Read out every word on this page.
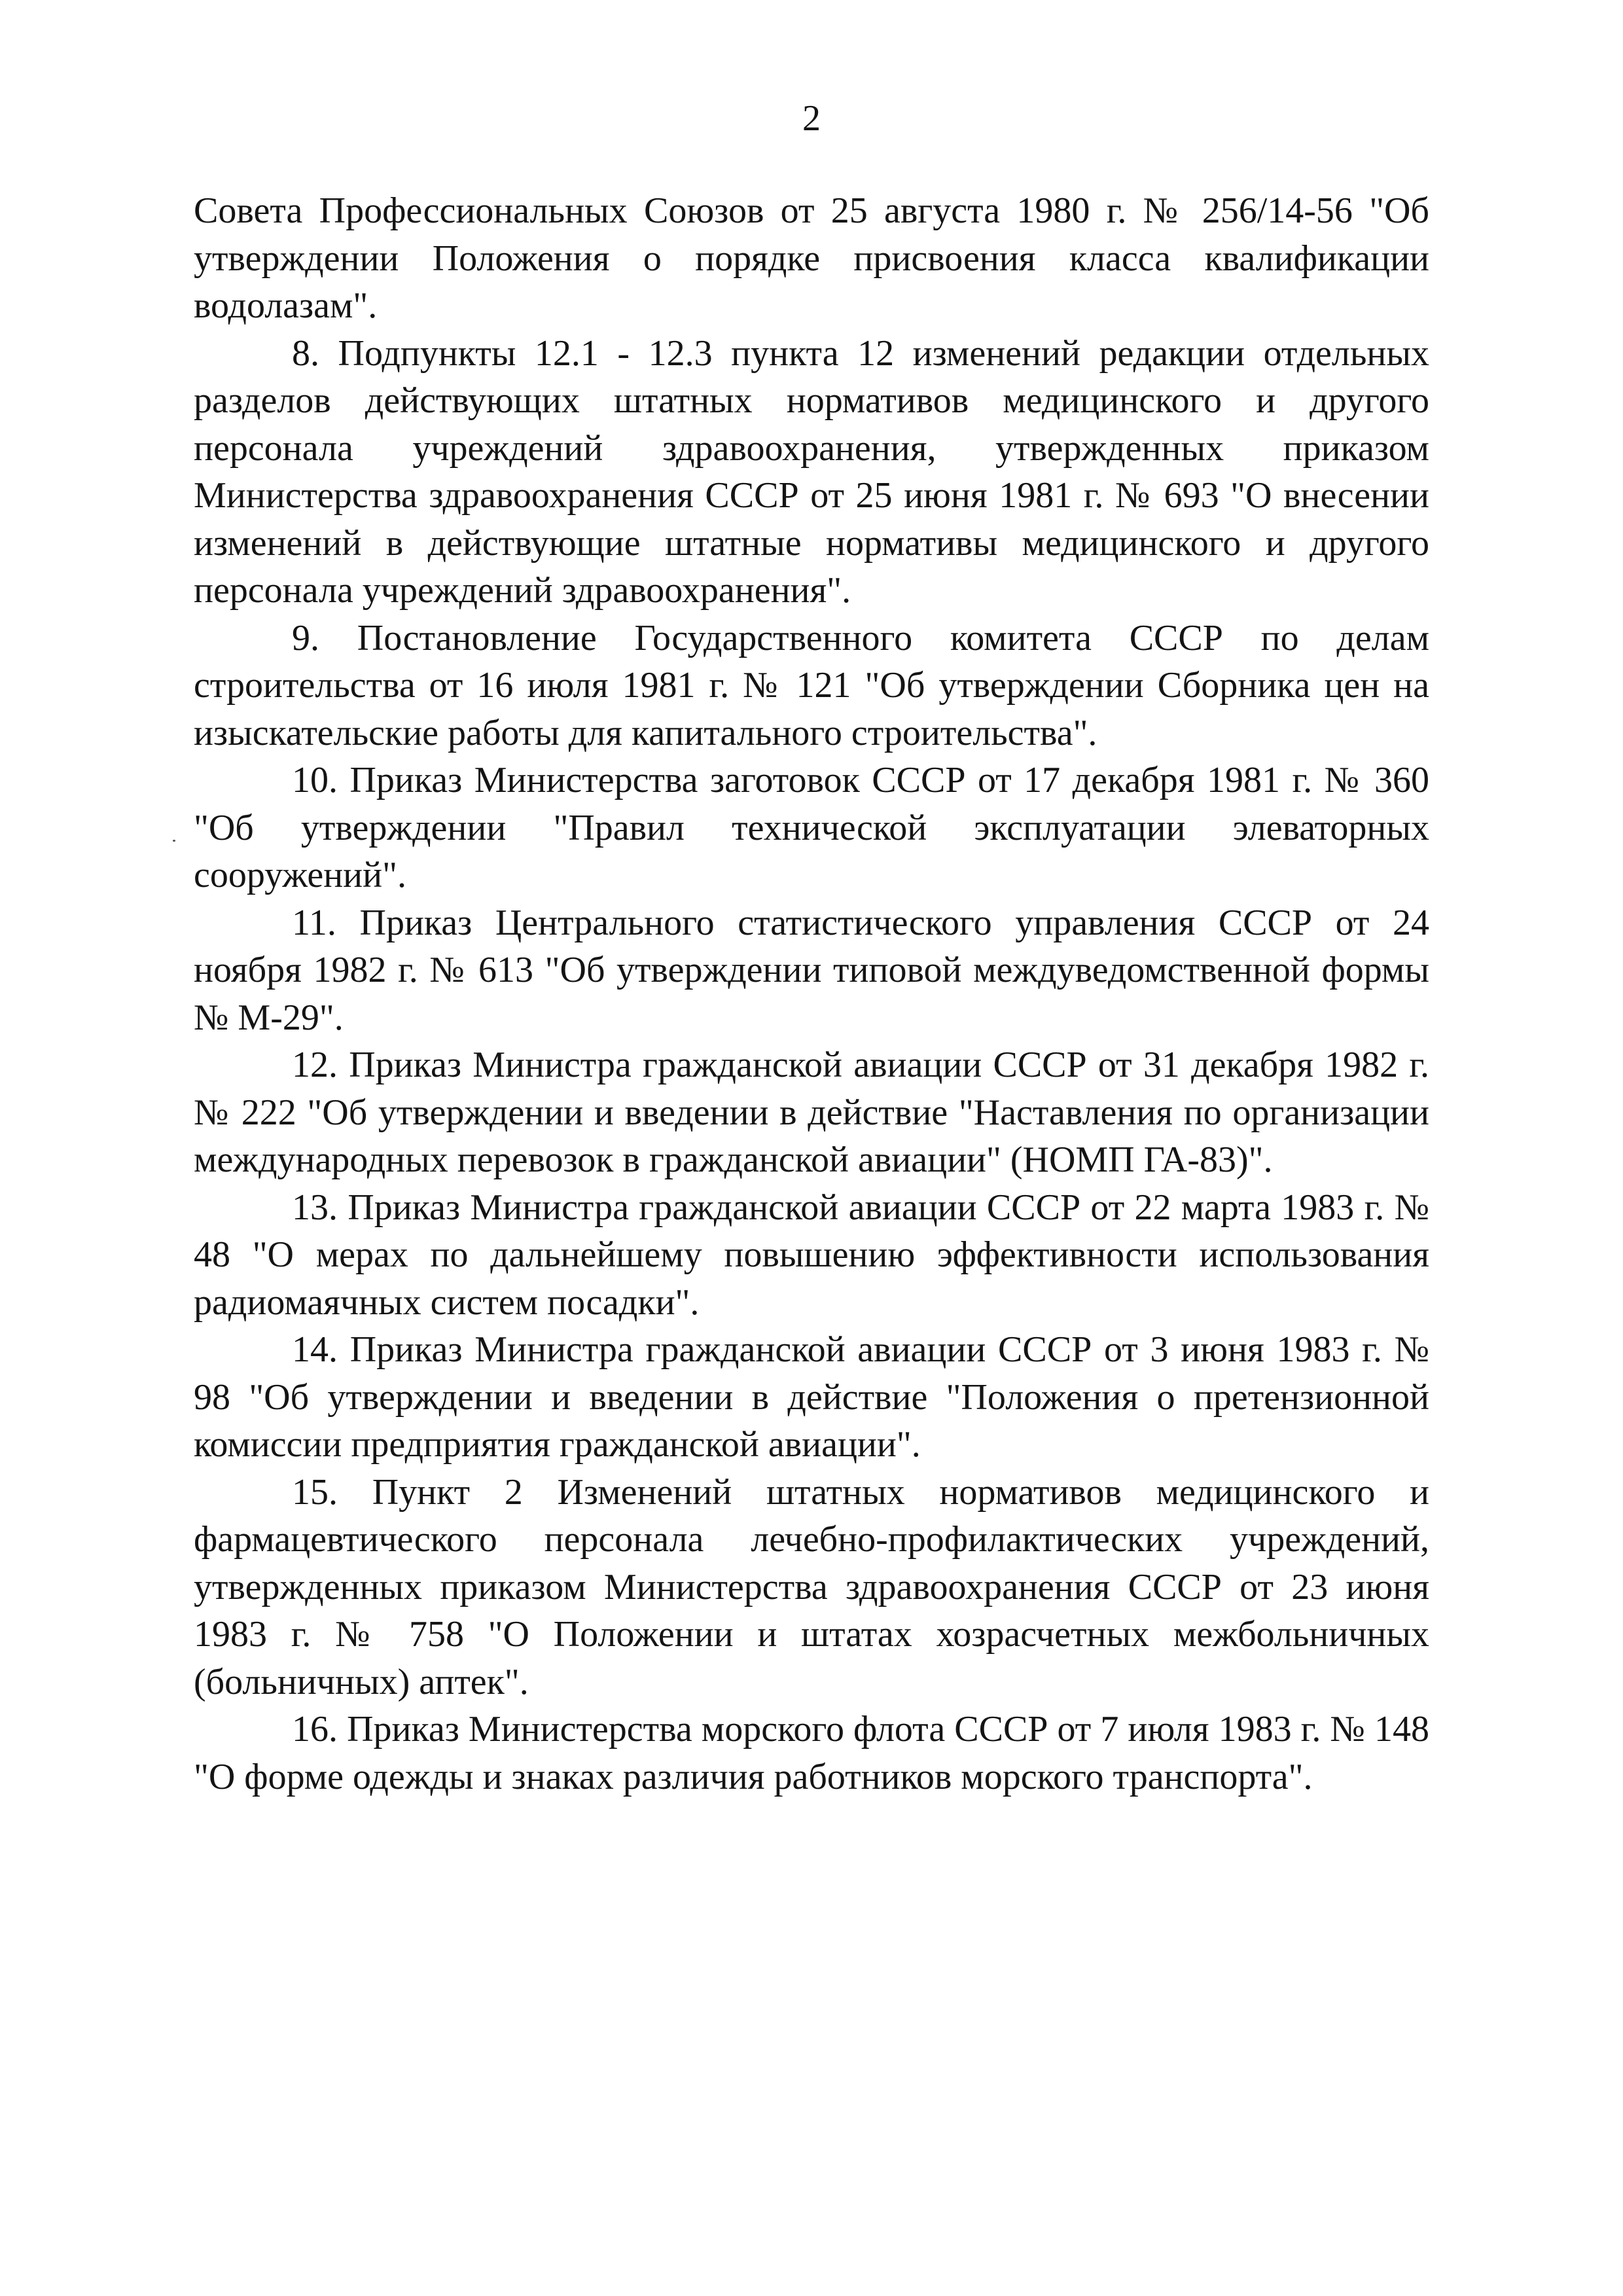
2

Совета Профессиональных Союзов от 25 августа 1980 г. № 256/14-56 "Об утверждении Положения о порядке присвоения класса квалификации водолазам".

8. Подпункты 12.1 - 12.3 пункта 12 изменений редакции отдельных разделов действующих штатных нормативов медицинского и другого персонала учреждений здравоохранения, утвержденных приказом Министерства здравоохранения СССР от 25 июня 1981 г. № 693 "О внесении изменений в действующие штатные нормативы медицинского и другого персонала учреждений здравоохранения".

9. Постановление Государственного комитета СССР по делам строительства от 16 июля 1981 г. № 121 "Об утверждении Сборника цен на изыскательские работы для капитального строительства".

10. Приказ Министерства заготовок СССР от 17 декабря 1981 г. № 360 "Об утверждении "Правил технической эксплуатации элеваторных сооружений".

11. Приказ Центрального статистического управления СССР от 24 ноября 1982 г. № 613 "Об утверждении типовой междуведомственной формы № М-29".

12. Приказ Министра гражданской авиации СССР от 31 декабря 1982 г. № 222 "Об утверждении и введении в действие "Наставления по организации международных перевозок в гражданской авиации" (НОМП ГА-83)".

13. Приказ Министра гражданской авиации СССР от 22 марта 1983 г. № 48 "О мерах по дальнейшему повышению эффективности использования радиомаячных систем посадки".

14. Приказ Министра гражданской авиации СССР от 3 июня 1983 г. № 98 "Об утверждении и введении в действие "Положения о претензионной комиссии предприятия гражданской авиации".

15. Пункт 2 Изменений штатных нормативов медицинского и фармацевтического персонала лечебно-профилактических учреждений, утвержденных приказом Министерства здравоохранения СССР от 23 июня 1983 г. № 758 "О Положении и штатах хозрасчетных межбольничных (больничных) аптек".

16. Приказ Министерства морского флота СССР от 7 июля 1983 г. № 148 "О форме одежды и знаках различия работников морского транспорта".
